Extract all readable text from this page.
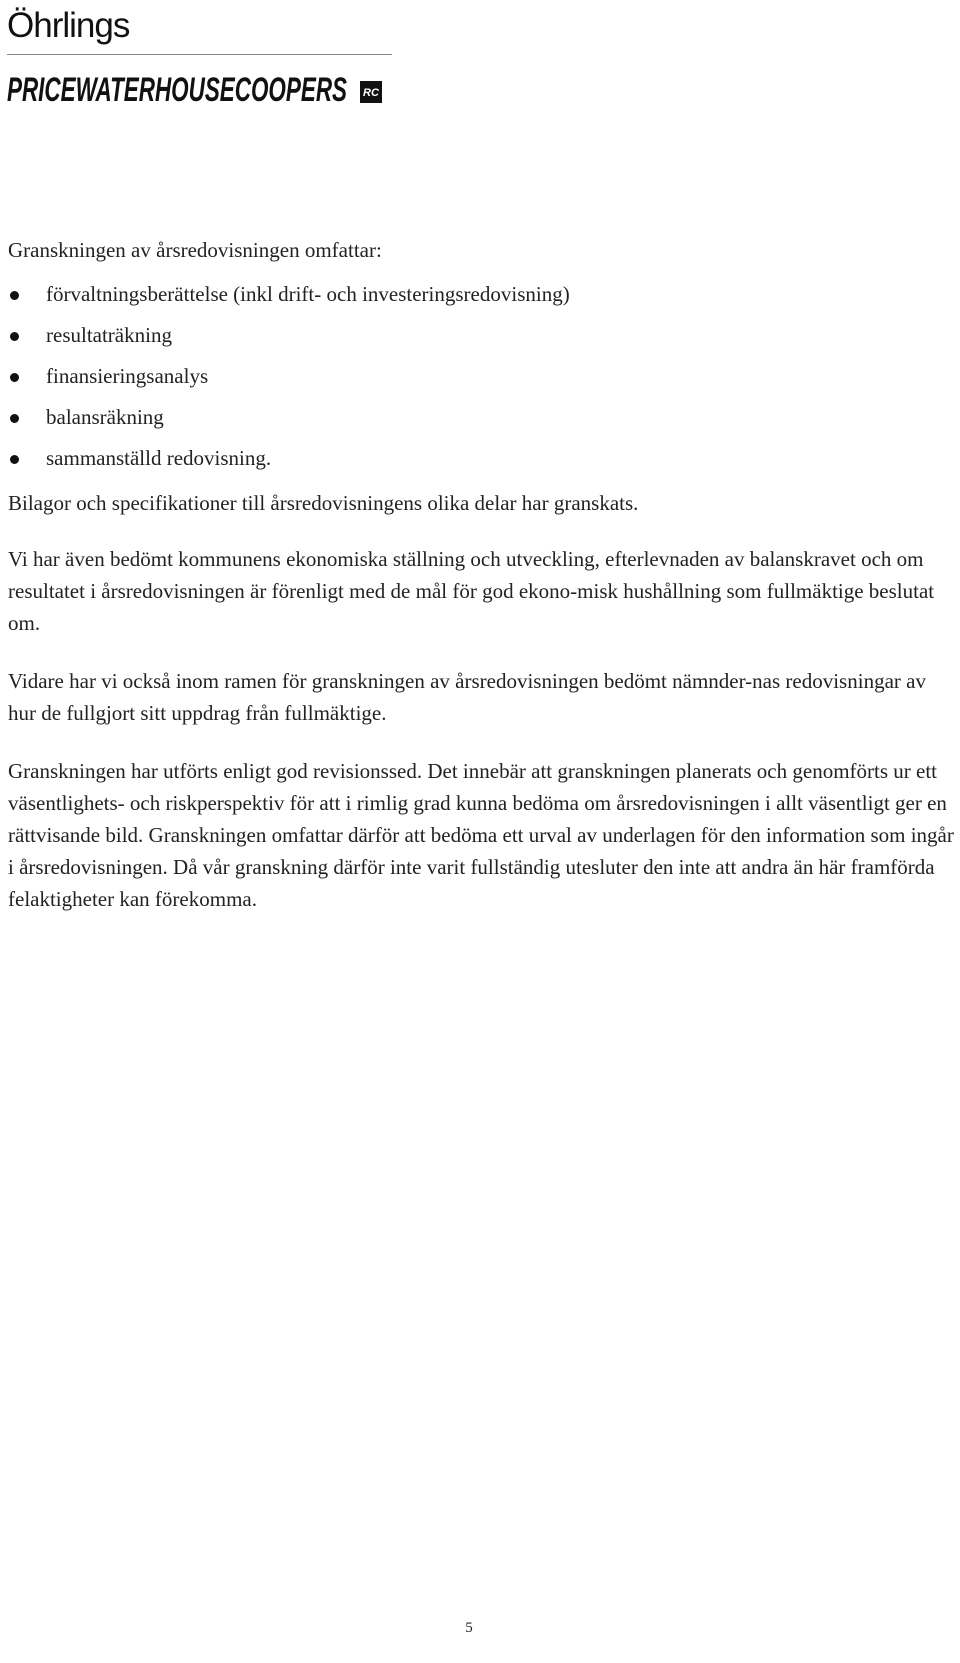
Öhrlings
PRICEWATERHOUSECOOPERS RC

Granskningen av årsredovisningen omfattar:

förvaltningsberättelse (inkl drift- och investeringsredovisning)
resultaträkning
finansieringsanalys
balansräkning
sammanställd redovisning.

Bilagor och specifikationer till årsredovisningens olika delar har granskats.

Vi har även bedömt kommunens ekonomiska ställning och utveckling, efterlevnaden av balanskravet och om resultatet i årsredovisningen är förenligt med de mål för god ekono-misk hushållning som fullmäktige beslutat om.

Vidare har vi också inom ramen för granskningen av årsredovisningen bedömt nämnder-nas redovisningar av hur de fullgjort sitt uppdrag från fullmäktige.

Granskningen har utförts enligt god revisionssed. Det innebär att granskningen planerats och genomförts ur ett väsentlighets- och riskperspektiv för att i rimlig grad kunna bedöma om årsredovisningen i allt väsentligt ger en rättvisande bild. Granskningen omfattar därför att bedöma ett urval av underlagen för den information som ingår i årsredovisningen. Då vår granskning därför inte varit fullständig utesluter den inte att andra än här framförda felaktigheter kan förekomma.

5
